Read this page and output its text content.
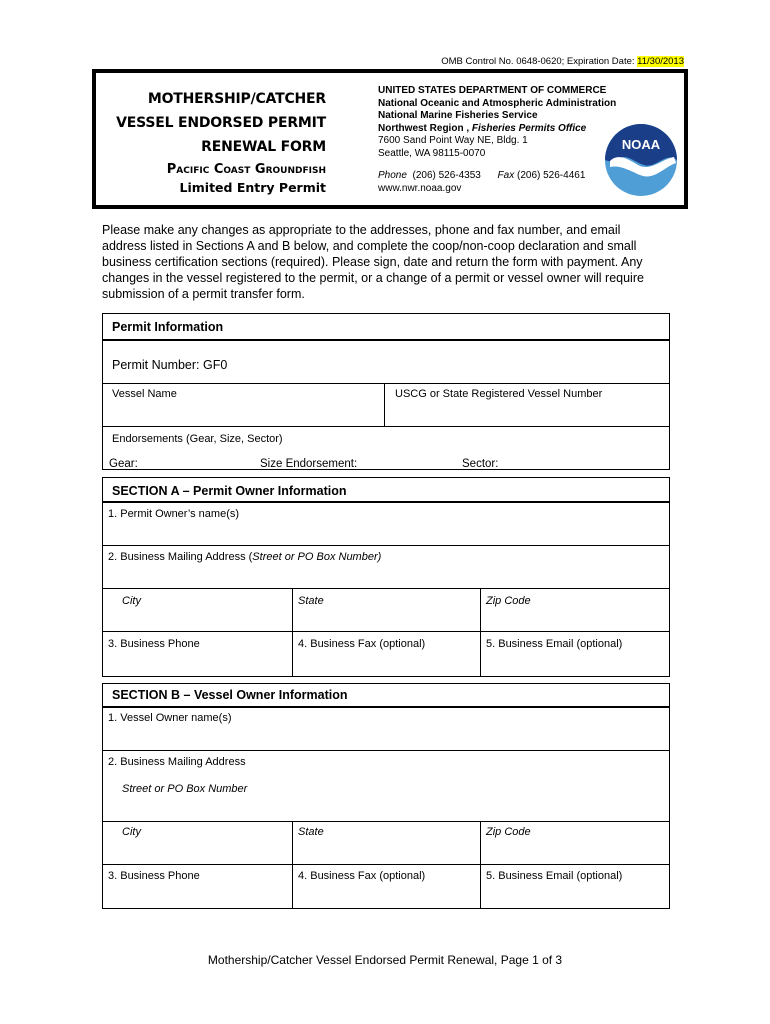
OMB Control No. 0648-0620; Expiration Date: 11/30/2013
MOTHERSHIP/CATCHER
VESSEL ENDORSED PERMIT
RENEWAL FORM
Pacific Coast Groundfish
Limited Entry Permit
UNITED STATES DEPARTMENT OF COMMERCE
National Oceanic and Atmospheric Administration
National Marine Fisheries Service
Northwest Region , Fisheries Permits Office
7600 Sand Point Way NE, Bldg. 1
Seattle, WA 98115-0070
Phone (206) 526-4353 Fax (206) 526-4461
www.nwr.noaa.gov
NOAA
Please make any changes as appropriate to the addresses, phone and fax number, and email address listed in Sections A and B below, and complete the coop/non-coop declaration and small business certification sections (required). Please sign, date and return the form with payment. Any changes in the vessel registered to the permit, or a change of a permit or vessel owner will require submission of a permit transfer form.
Permit Information
Permit Number: GF0
Vessel Name	USCG or State Registered Vessel Number
Endorsements (Gear, Size, Sector)
Gear:	Size Endorsement:	Sector:
SECTION A – Permit Owner Information
1. Permit Owner’s name(s)
2. Business Mailing Address (Street or PO Box Number)
City	State	Zip Code
3. Business Phone	4. Business Fax (optional)	5. Business Email (optional)
SECTION B – Vessel Owner Information
1. Vessel Owner name(s)
2. Business Mailing Address
Street or PO Box Number
City	State	Zip Code
3. Business Phone	4. Business Fax (optional)	5. Business Email (optional)
Mothership/Catcher Vessel Endorsed Permit Renewal, Page 1 of 3
